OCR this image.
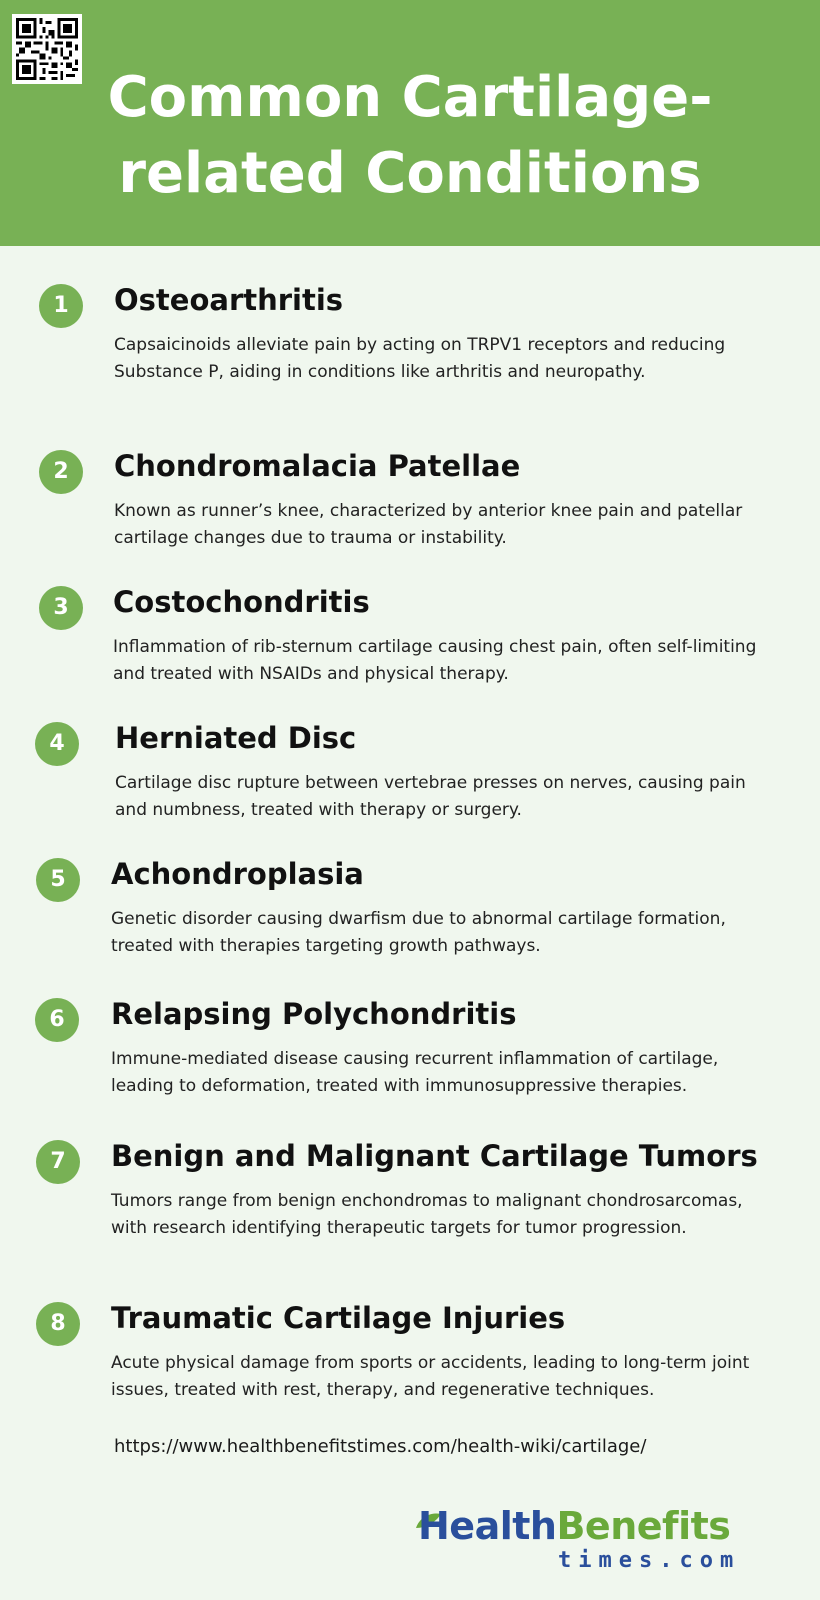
Common Cartilage-related Conditions
1	Osteoarthritis

Capsaicinoids alleviate pain by acting on TRPV1 receptors and reducing Substance P, aiding in conditions like arthritis and neuropathy.

2	Chondromalacia Patellae

Known as runner’s knee, characterized by anterior knee pain and patellar cartilage changes due to trauma or instability.

3	Costochondritis

Inflammation of rib-sternum cartilage causing chest pain, often self-limiting and treated with NSAIDs and physical therapy.

4	Herniated Disc

Cartilage disc rupture between vertebrae presses on nerves, causing pain and numbness, treated with therapy or surgery.

5	Achondroplasia

Genetic disorder causing dwarfism due to abnormal cartilage formation, treated with therapies targeting growth pathways.

6	Relapsing Polychondritis

Immune-mediated disease causing recurrent inflammation of cartilage, leading to deformation, treated with immunosuppressive therapies.

7	Benign and Malignant Cartilage Tumors

Tumors range from benign enchondromas to malignant chondrosarcomas, with research identifying therapeutic targets for tumor progression.

8	Traumatic Cartilage Injuries

Acute physical damage from sports or accidents, leading to long-term joint issues, treated with rest, therapy, and regenerative techniques.

https://www.healthbenefitstimes.com/health-wiki/cartilage/

HealthBenefits

times.com
